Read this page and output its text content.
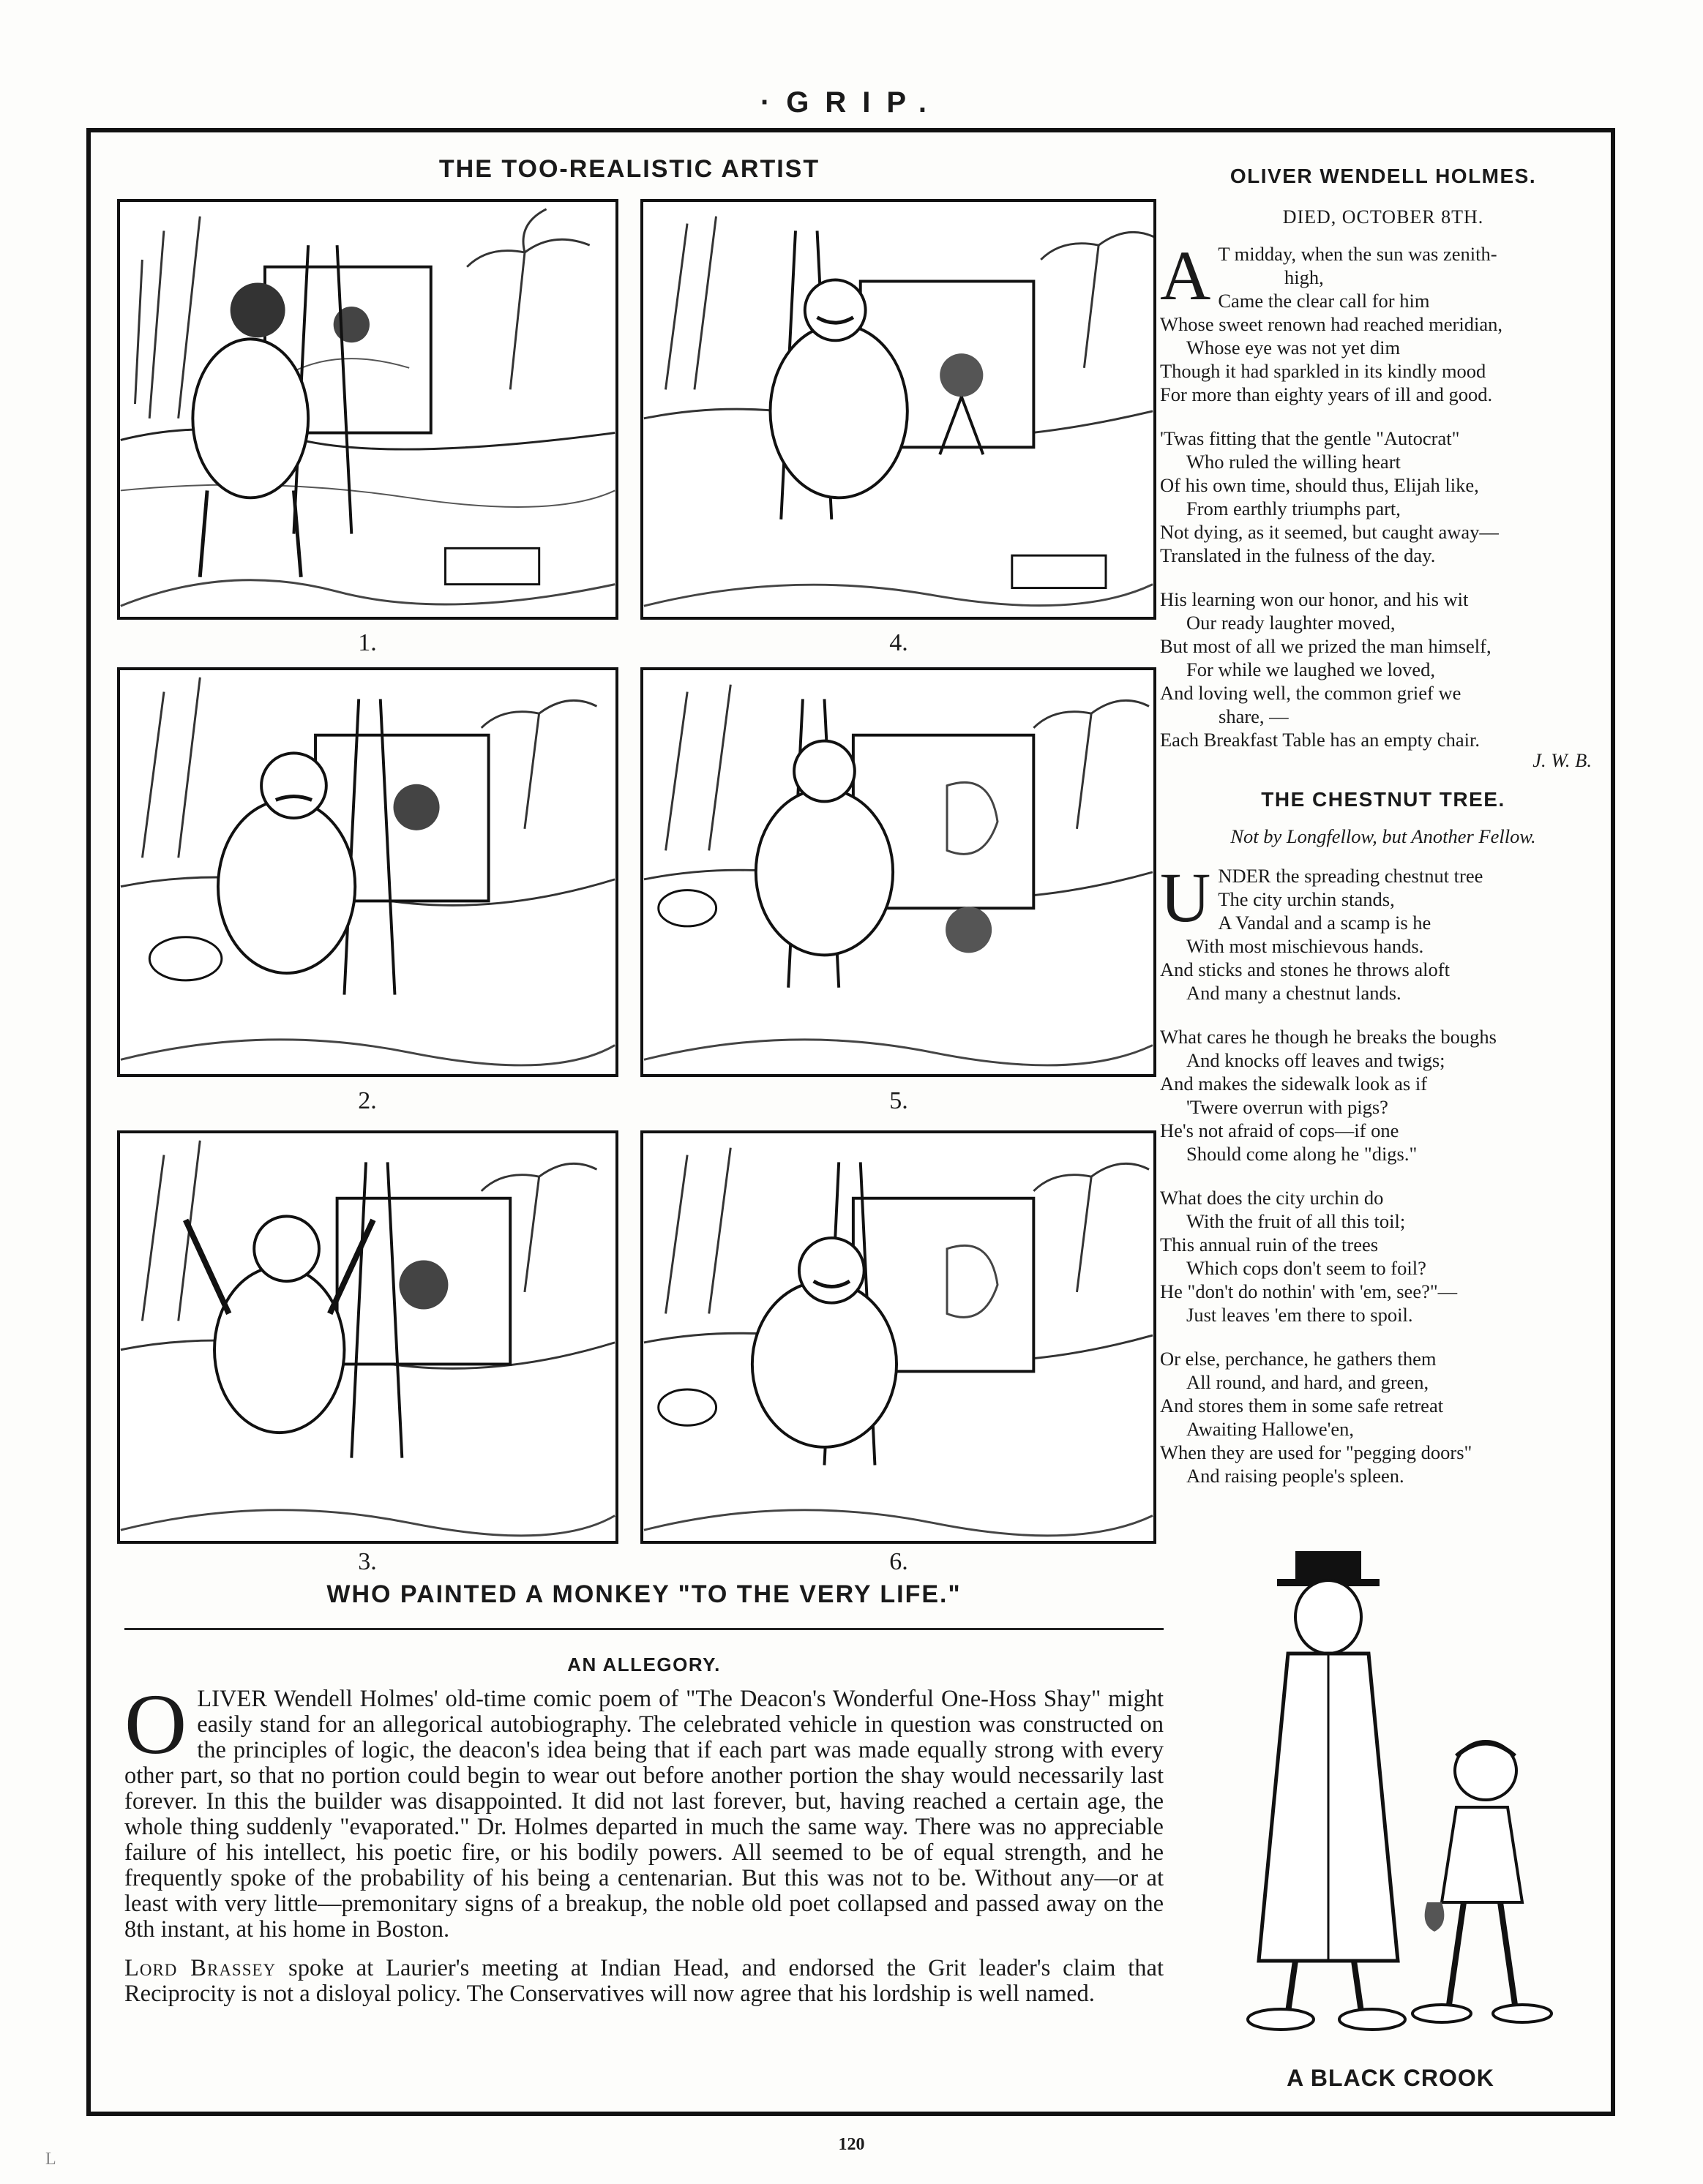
·GRIP.
THE TOO-REALISTIC ARTIST
1.	4.
2.	5.
3.	6.
WHO PAINTED A MONKEY "TO THE VERY LIFE."
OLIVER WENDELL HOLMES.
DIED, OCTOBER 8TH.
A T midday, when the sun was zenith-
high,
Came the clear call for him
Whose sweet renown had reached meridian,
Whose eye was not yet dim
Though it had sparkled in its kindly mood
For more than eighty years of ill and good.
'Twas fitting that the gentle "Autocrat"
Who ruled the willing heart
Of his own time, should thus, Elijah like,
From earthly triumphs part,
Not dying, as it seemed, but caught away—
Translated in the fulness of the day.
His learning won our honor, and his wit
Our ready laughter moved,
But most of all we prized the man himself,
For while we laughed we loved,
And loving well, the common grief we
share, —
Each Breakfast Table has an empty chair.
J. W. B.
THE CHESTNUT TREE.
Not by Longfellow, but Another Fellow.
U NDER the spreading chestnut tree
The city urchin stands,
A Vandal and a scamp is he
With most mischievous hands.
And sticks and stones he throws aloft
And many a chestnut lands.
What cares he though he breaks the boughs
And knocks off leaves and twigs;
And makes the sidewalk look as if
'Twere overrun with pigs?
He's not afraid of cops—if one
Should come along he "digs."
What does the city urchin do
With the fruit of all this toil;
This annual ruin of the trees
Which cops don't seem to foil?
He "don't do nothin' with 'em, see?"—
Just leaves 'em there to spoil.
Or else, perchance, he gathers them
All round, and hard, and green,
And stores them in some safe retreat
Awaiting Hallowe'en,
When they are used for "pegging doors"
And raising people's spleen.
A BLACK CROOK
AN ALLEGORY.

OLIVER Wendell Holmes' old-time comic poem of "The Deacon's Wonderful One-Hoss Shay" might easily stand for an allegorical autobiography. The celebrated vehicle in question was constructed on the principles of logic, the deacon's idea being that if each part was made equally strong with every other part, so that no portion could begin to wear out before another portion the shay would necessarily last forever. In this the builder was disappointed. It did not last forever, but, having reached a certain age, the whole thing suddenly "evaporated." Dr. Holmes departed in much the same way. There was no appreciable failure of his intellect, his poetic fire, or his bodily powers. All seemed to be of equal strength, and he frequently spoke of the probability of his being a centenarian. But this was not to be. Without any—or at least with very little—premonitary signs of a breakup, the noble old poet collapsed and passed away on the 8th instant, at his home in Boston.

Lord Brassey spoke at Laurier's meeting at Indian Head, and endorsed the Grit leader's claim that Reciprocity is not a disloyal policy. The Conservatives will now agree that his lordship is well named.

120
L
